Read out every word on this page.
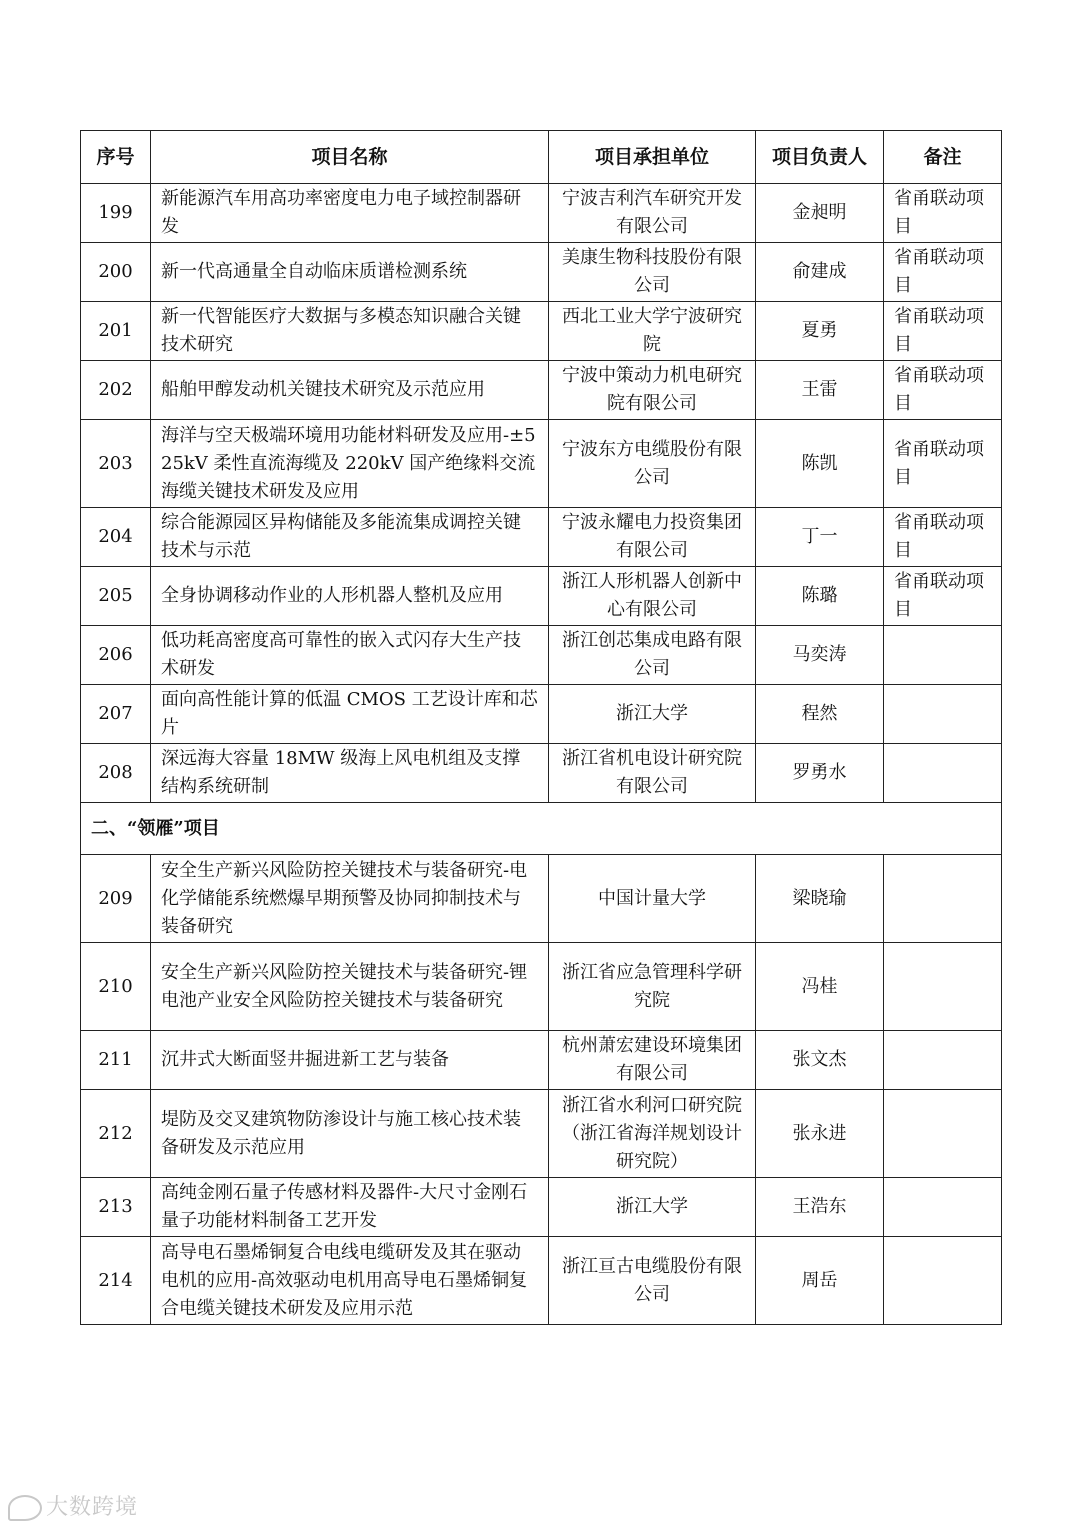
序号	项目名称	项目承担单位	项目负责人	备注
199	新能源汽车用高功率密度电力电子域控制器研发	宁波吉利汽车研究开发有限公司	金昶明	省甬联动项目
200	新一代高通量全自动临床质谱检测系统	美康生物科技股份有限公司	俞建成	省甬联动项目
201	新一代智能医疗大数据与多模态知识融合关键技术研究	西北工业大学宁波研究院	夏勇	省甬联动项目
202	船舶甲醇发动机关键技术研究及示范应用	宁波中策动力机电研究院有限公司	王雷	省甬联动项目
203	海洋与空天极端环境用功能材料研发及应用-±525kV 柔性直流海缆及 220kV 国产绝缘料交流海缆关键技术研发及应用	宁波东方电缆股份有限公司	陈凯	省甬联动项目
204	综合能源园区异构储能及多能流集成调控关键技术与示范	宁波永耀电力投资集团有限公司	丁一	省甬联动项目
205	全身协调移动作业的人形机器人整机及应用	浙江人形机器人创新中心有限公司	陈璐	省甬联动项目
206	低功耗高密度高可靠性的嵌入式闪存大生产技术研发	浙江创芯集成电路有限公司	马奕涛	
207	面向高性能计算的低温 CMOS 工艺设计库和芯片	浙江大学	程然	
208	深远海大容量 18MW 级海上风电机组及支撑结构系统研制	浙江省机电设计研究院有限公司	罗勇水	
二、“领雁”项目				
209	安全生产新兴风险防控关键技术与装备研究-电化学储能系统燃爆早期预警及协同抑制技术与装备研究	中国计量大学	梁晓瑜	
210	安全生产新兴风险防控关键技术与装备研究-锂电池产业安全风险防控关键技术与装备研究	浙江省应急管理科学研究院	冯桂	
211	沉井式大断面竖井掘进新工艺与装备	杭州萧宏建设环境集团有限公司	张文杰	
212	堤防及交叉建筑物防渗设计与施工核心技术装备研发及示范应用	浙江省水利河口研究院（浙江省海洋规划设计研究院）	张永进	
213	高纯金刚石量子传感材料及器件-大尺寸金刚石量子功能材料制备工艺开发	浙江大学	王浩东	
214	高导电石墨烯铜复合电线电缆研发及其在驱动电机的应用-高效驱动电机用高导电石墨烯铜复合电缆关键技术研发及应用示范	浙江亘古电缆股份有限公司	周岳	
大数跨境
